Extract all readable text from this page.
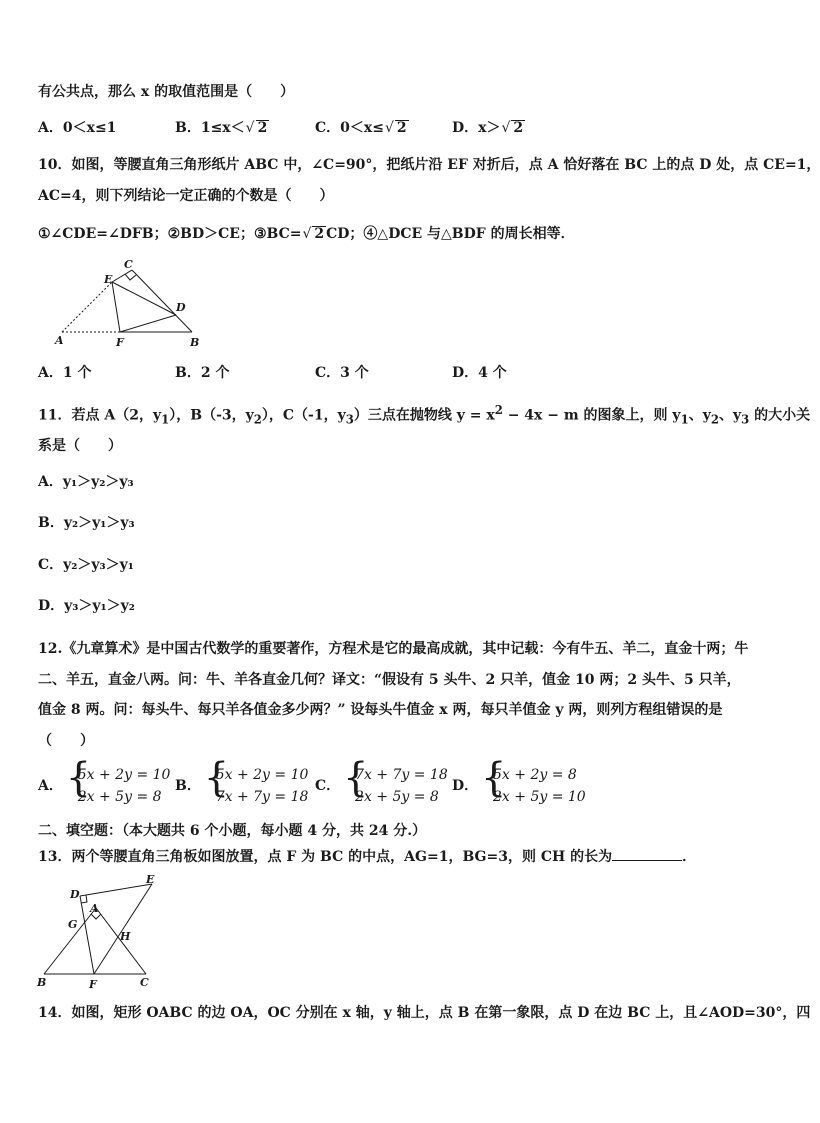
有公共点，那么 x 的取值范围是（　　）
A．0＜x≤1	B．1≤x＜√ 2	C．0＜x≤√ 2	D．x＞√ 2
10．如图，等腰直角三角形纸片 ABC 中，∠C=90°，把纸片沿 EF 对折后，点 A 恰好落在 BC 上的点 D 处，点 CE=1，
AC=4，则下列结论一定正确的个数是（　　）
①∠CDE=∠DFB；②BD＞CE；③BC=√ 2 CD；④△DCE 与△BDF 的周长相等．
C
E
D
A	F	B
A．1 个	B．2 个	C．3 个	D．4 个
11．若点 A（2，$y_1$），B（-3，$y_2$），C（-1，$y_3$）三点在抛物线 $y = x^2 - 4x - m$ 的图象上，则 $y_1$、$y_2$、$y_3$ 的大小关
系是（　　）
A．y₁＞y₂＞y₃
B．y₂＞y₁＞y₃
C．y₂＞y₃＞y₁
D．y₃＞y₁＞y₂
12.《九章算术》是中国古代数学的重要著作，方程术是它的最高成就，其中记载：今有牛五、羊二，直金十两；牛
二、羊五，直金八两。问：牛、羊各直金几何？译文：“假设有 5 头牛、2 只羊，值金 10 两；2 头牛、5 只羊，
值金 8 两。问：每头牛、每只羊各值金多少两？” 设每头牛值金 x 两，每只羊值金 y 两，则列方程组错误的是
（　　）
A．
{ 5x + 2y = 10
2x + 5y = 8
B．
{ 5x + 2y = 10
7x + 7y = 18
C．
{ 7x + 7y = 18
2x + 5y = 8
D．
{ 5x + 2y = 8
2x + 5y = 10
二、填空题：（本大题共 6 个小题，每小题 4 分，共 24 分.）
13．两个等腰直角三角板如图放置，点 F 为 BC 的中点，AG=1，BG=3，则 CH 的长为	．
D
E
A
G
H
B	F	C
14．如图，矩形 OABC 的边 OA，OC 分别在 x 轴，y 轴上，点 B 在第一象限，点 D 在边 BC 上，且∠AOD=30°，四
